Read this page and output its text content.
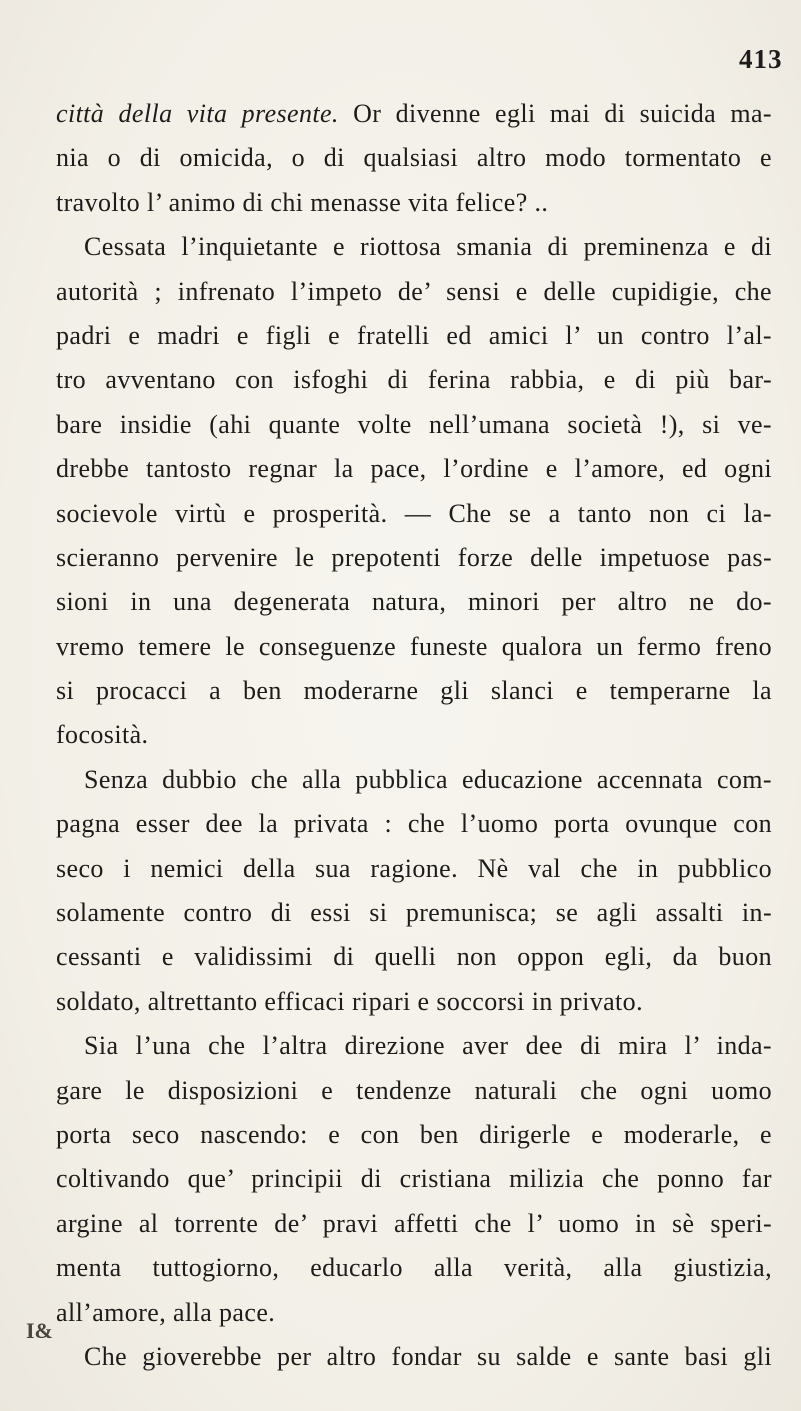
413
città della vita presente. Or divenne egli mai di suicida ma-
nia o di omicida, o di qualsiasi altro modo tormentato e
travolto l’ animo di chi menasse vita felice? ..
Cessata l’inquietante e riottosa smania di preminenza e di
autorità ; infrenato l’impeto de’ sensi e delle cupidigie, che
padri e madri e figli e fratelli ed amici l’ un contro l’al-
tro avventano con isfoghi di ferina rabbia, e di più bar-
bare insidie (ahi quante volte nell’umana società !), si ve-
drebbe tantosto regnar la pace, l’ordine e l’amore, ed ogni
socievole virtù e prosperità. — Che se a tanto non ci la-
scieranno pervenire le prepotenti forze delle impetuose pas-
sioni in una degenerata natura, minori per altro ne do-
vremo temere le conseguenze funeste qualora un fermo freno
si procacci a ben moderarne gli slanci e temperarne la
focosità.
Senza dubbio che alla pubblica educazione accennata com-
pagna esser dee la privata : che l’uomo porta ovunque con
seco i nemici della sua ragione. Nè val che in pubblico
solamente contro di essi si premunisca; se agli assalti in-
cessanti e validissimi di quelli non oppon egli, da buon
soldato, altrettanto efficaci ripari e soccorsi in privato.
Sia l’una che l’altra direzione aver dee di mira l’ inda-
gare le disposizioni e tendenze naturali che ogni uomo
porta seco nascendo: e con ben dirigerle e moderarle, e
coltivando que’ principii di cristiana milizia che ponno far
argine al torrente de’ pravi affetti che l’ uomo in sè speri-
menta tuttogiorno, educarlo alla verità, alla giustizia,
all’amore, alla pace.
Che gioverebbe per altro fondar su salde e sante basi gli
I&
